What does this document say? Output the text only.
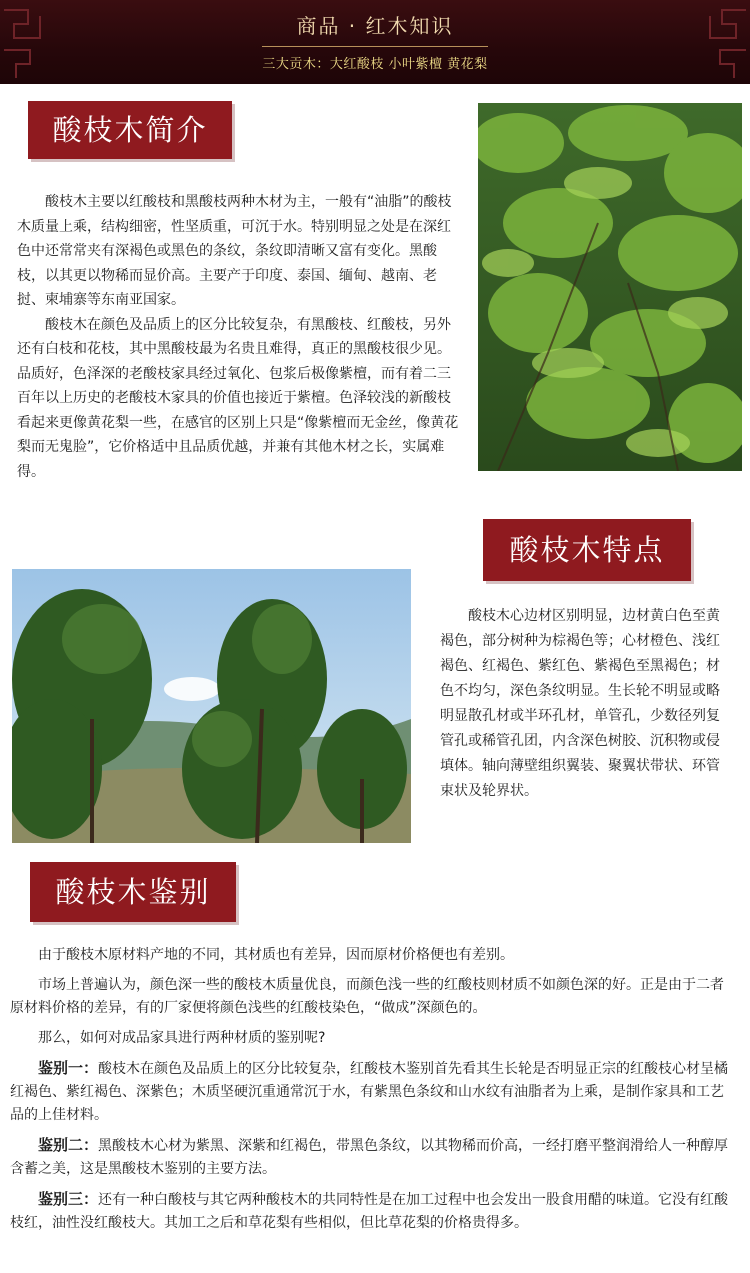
商品 · 红木知识
三大贡木：大红酸枝 小叶紫檀 黄花梨
酸枝木简介

酸枝木主要以红酸枝和黑酸枝两种木材为主，一般有“油脂”的酸枝木质量上乘，结构细密，性坚质重，可沉于水。特别明显之处是在深红色中还常常夹有深褐色或黑色的条纹，条纹即清晰又富有变化。黑酸枝，以其更以物稀而显价高。主要产于印度、泰国、缅甸、越南、老挝、柬埔寨等东南亚国家。

酸枝木在颜色及品质上的区分比较复杂，有黑酸枝、红酸枝，另外还有白枝和花枝，其中黑酸枝最为名贵且难得，真正的黑酸枝很少见。品质好，色泽深的老酸枝家具经过氧化、包浆后极像紫檀，而有着二三百年以上历史的老酸枝木家具的价值也接近于紫檀。色泽较浅的新酸枝看起来更像黄花梨一些，在感官的区别上只是“像紫檀而无金丝，像黄花梨而无鬼脸”，它价格适中且品质优越，并兼有其他木材之长，实属难得。

酸枝木特点

酸枝木心边材区别明显，边材黄白色至黄褐色，部分树种为棕褐色等；心材橙色、浅红褐色、红褐色、紫红色、紫褐色至黑褐色；材色不均匀，深色条纹明显。生长轮不明显或略明显散孔材或半环孔材，单管孔，少数径列复管孔或稀管孔团，内含深色树胶、沉积物或侵填体。轴向薄壁组织翼装、聚翼状带状、环管束状及轮界状。

酸枝木鉴别

由于酸枝木原材料产地的不同，其材质也有差异，因而原材价格便也有差别。

市场上普遍认为，颜色深一些的酸枝木质量优良，而颜色浅一些的红酸枝则材质不如颜色深的好。正是由于二者原材料价格的差异，有的厂家便将颜色浅些的红酸枝染色，“做成”深颜色的。

那么，如何对成品家具进行两种材质的鉴别呢?

鉴别一：酸枝木在颜色及品质上的区分比较复杂，红酸枝木鉴别首先看其生长轮是否明显正宗的红酸枝心材呈橘红褐色、紫红褐色、深紫色；木质坚硬沉重通常沉于水，有紫黑色条纹和山水纹有油脂者为上乘，是制作家具和工艺品的上佳材料。

鉴别二：黑酸枝木心材为紫黑、深紫和红褐色，带黑色条纹，以其物稀而价高，一经打磨平整润滑给人一种醇厚含蓄之美，这是黑酸枝木鉴别的主要方法。

鉴别三：还有一种白酸枝与其它两种酸枝木的共同特性是在加工过程中也会发出一股食用醋的味道。它没有红酸枝红，油性没红酸枝大。其加工之后和草花梨有些相似，但比草花梨的价格贵得多。
